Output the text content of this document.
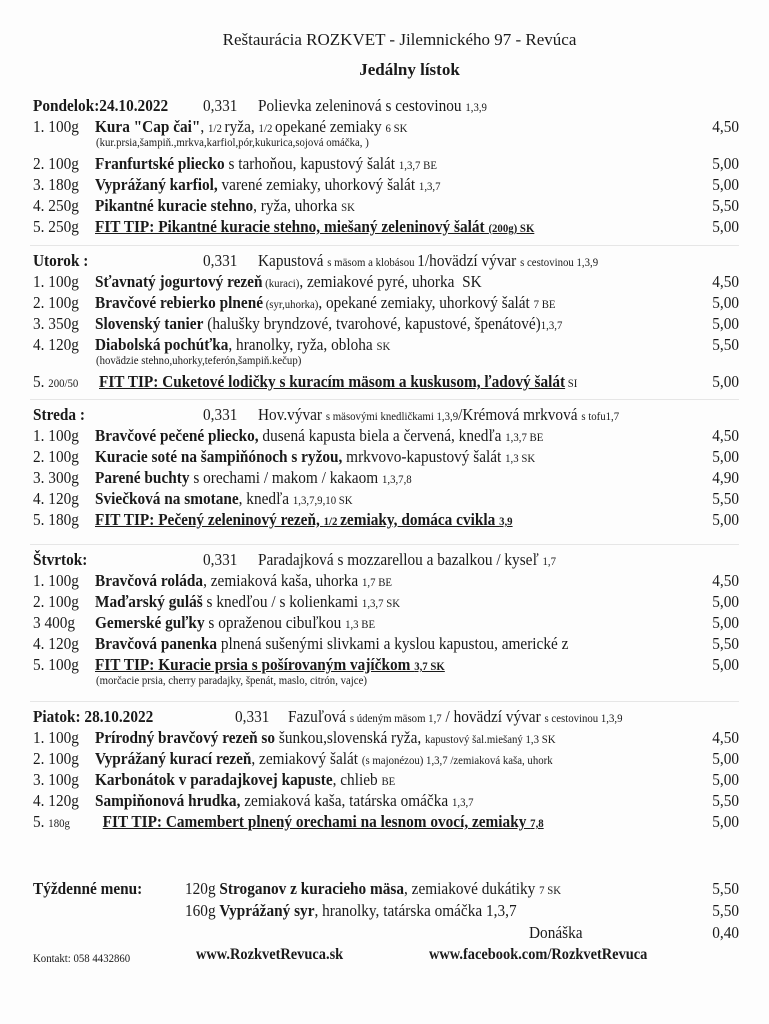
Reštaurácia ROZKVET - Jilemnického 97 - Revúca
Jedálny lístok
Pondelok:24.10.2022 0,331 Polievka zeleninová s cestovinou 1,3,9
1. 100g Kura "Cap čai", 1/2 ryža, 1/2 opekané zemiaky 6 SK	4,50
(kur.prsia,šampiň.,mrkva,karfiol,pór,kukurica,sojová omáčka, )
2. 100g Franfurtské pliecko s tarhoňou, kapustový šalát 1,3,7 BE	5,00
3. 180g Vyprážaný karfiol, varené zemiaky, uhorkový šalát 1,3,7	5,00
4. 250g Pikantné kuracie stehno, ryža, uhorka SK	5,50
5. 250g FIT TIP: Pikantné kuracie stehno, miešaný zeleninový šalát (200g) SK	5,00
Utorok :	0,331 Kapustová s mäsom a klobásou 1/hovädzí vývar s cestovinou 1,3,9
1. 100g Sťavnatý jogurtový rezeň (kuraci), zemiakové pyré, uhorka  SK	4,50
2. 100g Bravčové rebierko plnené (syr,uhorka), opekané zemiaky, uhorkový šalát 7 BE	5,00
3. 350g Slovenský tanier (halušky bryndzové, tvarohové, kapustové, špenátové)1,3,7	5,00
4. 120g Diabolská pochúťka, hranolky, ryža, obloha SK	5,50
(hovädzie stehno,uhorky,teferón,šampiň.kečup)
5. 200/50 FIT TIP: Cuketové lodičky s kuracím mäsom a kuskusom, ľadový šalát SI	5,00
Streda :	0,331 Hov.vývar s mäsovými knedličkami 1,3,9/Krémová mrkvová s tofu1,7
1. 100g Bravčové pečené pliecko, dusená kapusta biela a červená, knedľa 1,3,7 BE	4,50
2. 100g Kuracie soté na šampiňónoch s ryžou, mrkvovo-kapustový šalát 1,3 SK	5,00
3. 300g Parené buchty s orechami / makom / kakaom 1,3,7,8	4,90
4. 120g Sviečková na smotane, knedľa 1,3,7,9,10 SK	5,50
5. 180g FIT TIP: Pečený zeleninový rezeň, 1/2 zemiaky, domáca cvikla 3,9	5,00
Štvrtok:	0,331 Paradajková s mozzarellou a bazalkou / kyseľ 1,7
1. 100g Bravčová roláda, zemiaková kaša, uhorka 1,7 BE	4,50
2. 100g Maďarský guláš s knedľou / s kolienkami 1,3,7 SK	5,00
3 400g Gemerské guľky s opraženou cibuľkou 1,3 BE	5,00
4. 120g Bravčová panenka plnená sušenými slivkami a kyslou kapustou, americké z	5,50
5. 100g FIT TIP: Kuracie prsia s pošírovaným vajíčkom 3,7 SK	5,00
(morčacie prsia, cherry paradajky, špenát, maslo, citrón, vajce)
Piatok: 28.10.2022	0,331 Fazuľová s údeným mäsom 1,7 / hovädzí vývar s cestovinou 1,3,9
1. 100g Prírodný bravčový rezeň so šunkou,slovenská ryža, kapustový šal.miešaný 1,3 SK	4,50
2. 100g Vyprážaný kurací rezeň, zemiakový šalát (s majonézou) 1,3,7 /zemiaková kaša, uhork	5,00
3. 100g Karbonátok v paradajkovej kapuste, chlieb BE	5,00
4. 120g Sampiňonová hrudka, zemiaková kaša, tatárska omáčka 1,3,7	5,50
5. 180g	FIT TIP: Camembert plnený orechami na lesnom ovocí, zemiaky 7,8	5,00
Týždenné menu:	120g Stroganov z kuracieho mäsa, zemiakové dukátiky 7 SK	5,50
160g Vyprážaný syr, hranolky, tatárska omáčka 1,3,7	5,50
Donáška	0,40
Kontakt: 058 4432860	www.RozkvetRevuca.sk	www.facebook.com/RozkvetRevuca
